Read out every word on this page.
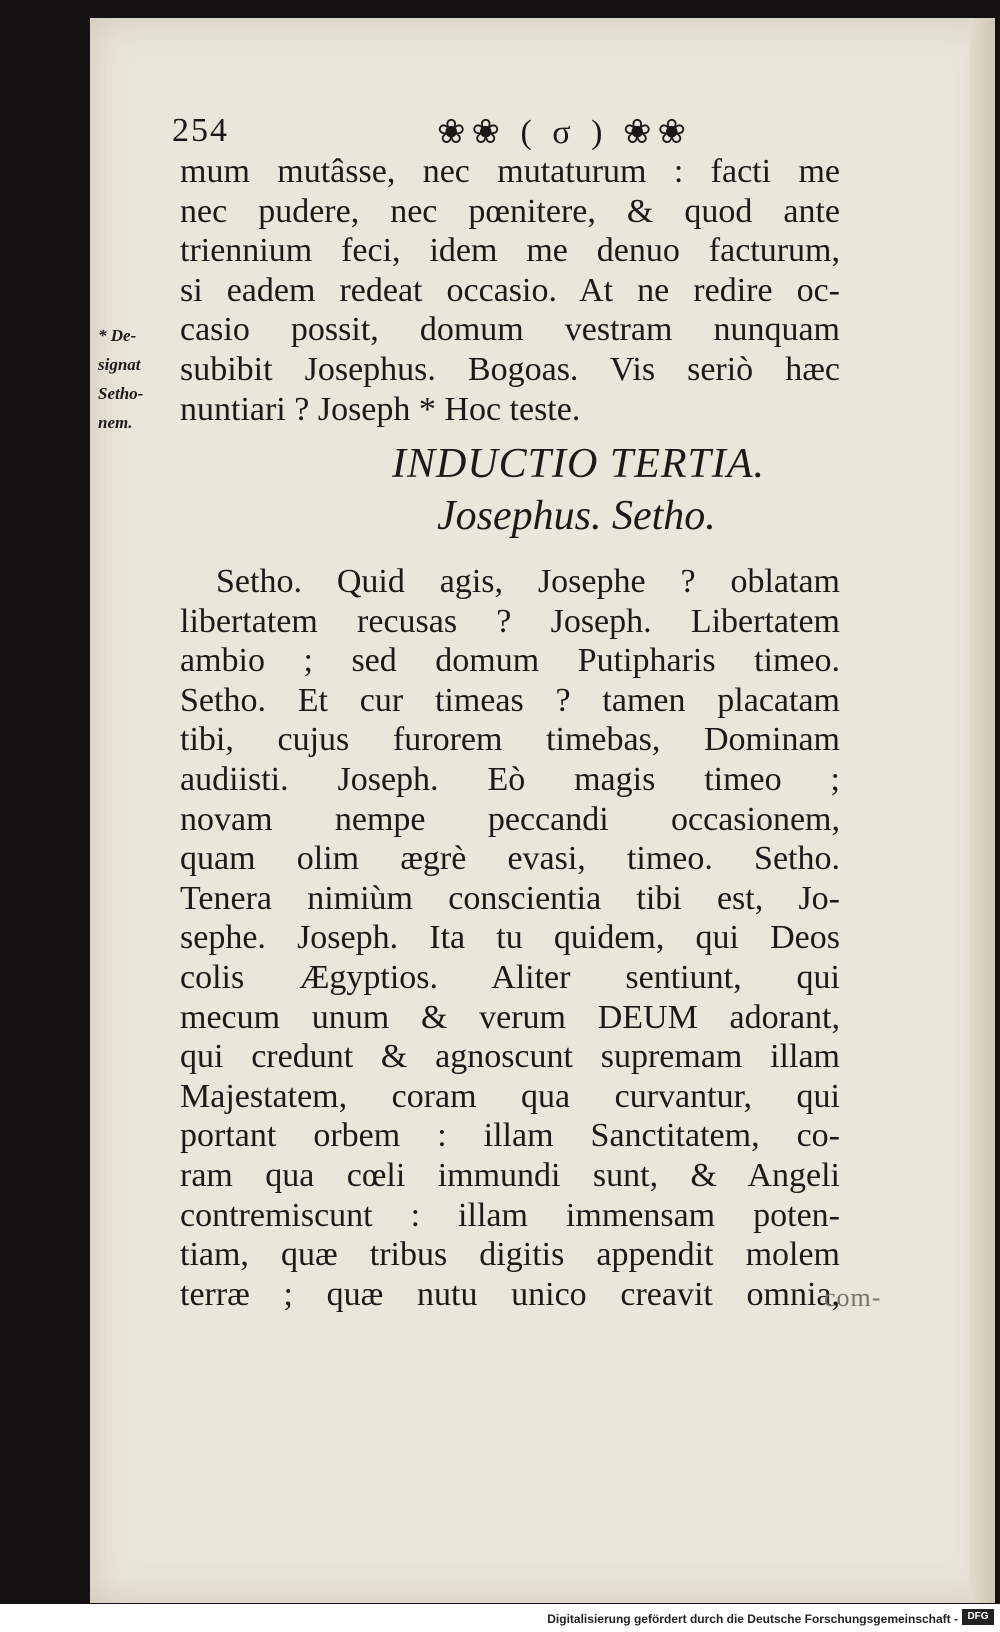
254	❀❀ ( σ ) ❀❀
* De-
signat
Setho-
nem.
mum mutâsse, nec mutaturum : facti me
nec pudere, nec pœnitere, & quod ante
triennium feci, idem me denuo facturum,
si eadem redeat occasio. At ne redire oc-
casio possit, domum vestram nunquam
subibit Josephus. Bogoas. Vis seriò hæc
nuntiari ? Joseph * Hoc teste.
INDUCTIO TERTIA.
Josephus. Setho.
Setho. Quid agis, Josephe ? oblatam
libertatem recusas ? Joseph. Libertatem
ambio ; sed domum Putipharis timeo.
Setho. Et cur timeas ? tamen placatam
tibi, cujus furorem timebas, Dominam
audiisti. Joseph. Eò magis timeo ;
novam nempe peccandi occasionem,
quam olim ægrè evasi, timeo. Setho.
Tenera nimiùm conscientia tibi est, Jo-
sephe. Joseph. Ita tu quidem, qui Deos
colis Ægyptios. Aliter sentiunt, qui
mecum unum & verum DEUM adorant,
qui credunt & agnoscunt supremam illam
Majestatem, coram qua curvantur, qui
portant orbem : illam Sanctitatem, co-
ram qua cœli immundi sunt, & Angeli
contremiscunt : illam immensam poten-
tiam, quæ tribus digitis appendit molem
terræ ; quæ nutu unico creavit omnia,
com-
Digitalisierung gefördert durch die Deutsche Forschungsgemeinschaft - DFG
